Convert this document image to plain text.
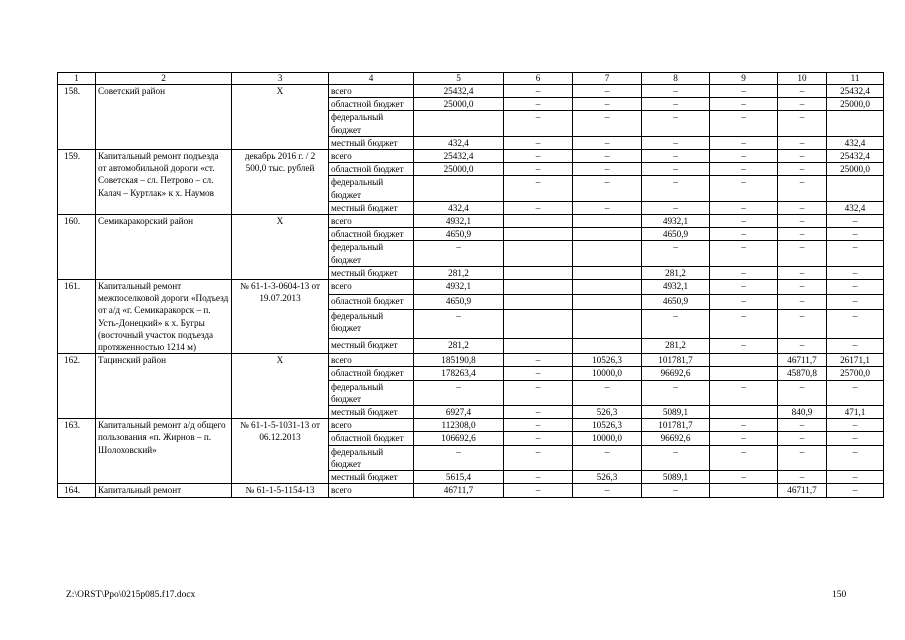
1	2	3	4	5	6	7	8	9	10	11
158.	Советский район	Х	всего	25432,4	–	–	–	–	–	25432,4
			областной бюджет	25000,0	–	–	–	–	–	25000,0
			федеральный бюджет		–	–	–	–	–	
			местный бюджет	432,4	–	–	–	–	–	432,4
159.	Капитальный ремонт подъезда от автомобильной дороги «ст. Советская – сл. Петрово – сл. Калач – Куртлак» к х. Наумов	декабрь 2016 г. / 2 500,0 тыс. рублей	всего	25432,4	–	–	–	–	–	25432,4
			областной бюджет	25000,0	–	–	–	–	–	25000,0
			федеральный бюджет		–	–	–	–	–	
			местный бюджет	432,4	–	–	–	–	–	432,4
160.	Семикаракорский район	Х	всего	4932,1			4932,1	–	–	–
			областной бюджет	4650,9			4650,9	–	–	–
			федеральный бюджет	–			–	–	–	–
			местный бюджет	281,2			281,2	–	–	–
161.	Капитальный ремонт межпоселковой дороги «Подъезд от а/д «г. Семикаракорск – п. Усть-Донецкий» к х. Бугры (восточный участок подъезда протяженностью 1214 м)	№ 61-1-3-0604-13 от 19.07.2013	всего	4932,1			4932,1	–	–	–
			областной бюджет	4650,9			4650,9	–	–	–
			федеральный бюджет	–			–	–	–	–
			местный бюджет	281,2			281,2	–	–	–
162.	Тацинский район	Х	всего	185190,8	–	10526,3	101781,7		46711,7	26171,1
			областной бюджет	178263,4	–	10000,0	96692,6		45870,8	25700,0
			федеральный бюджет	–	–	–	–	–	–	–
			местный бюджет	6927,4	–	526,3	5089,1		840,9	471,1
163.	Капитальный ремонт а/д общего пользования «п. Жирнов – п. Шолоховский»	№ 61-1-5-1031-13 от 06.12.2013	всего	112308,0	–	10526,3	101781,7	–	–	–
			областной бюджет	106692,6	–	10000,0	96692,6	–	–	–
			федеральный бюджет	–	–	–	–	–	–	–
			местный бюджет	5615,4	–	526,3	5089,1	–	–	–
164.	Капитальный ремонт	№ 61-1-5-1154-13	всего	46711,7	–	–	–		46711,7	–
Z:\ORST\Ppo\0215p085.f17.docx	150
